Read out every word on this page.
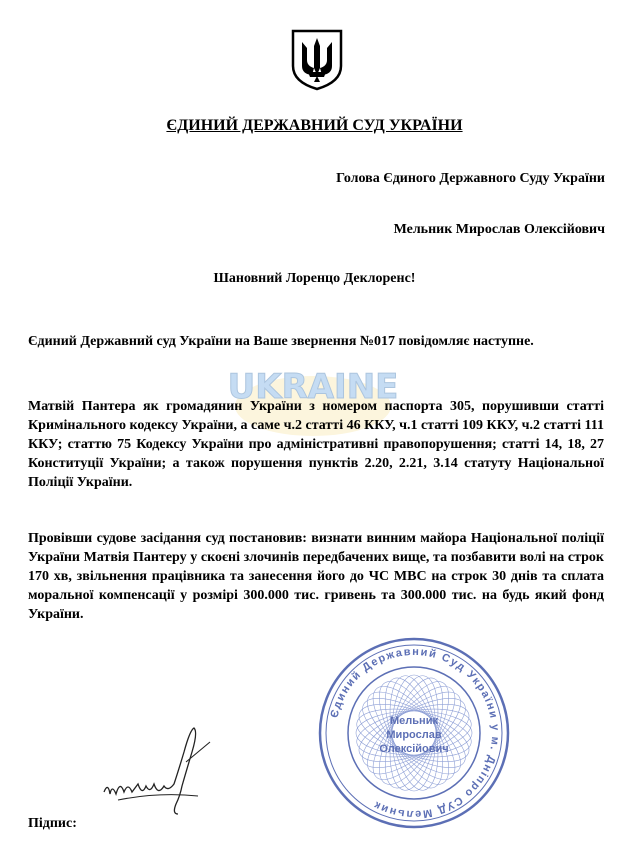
ЄДИНИЙ ДЕРЖАВНИЙ СУД УКРАЇНИ
Голова Єдиного Державного Суду України
Мельник Мирослав Олексійович
Шановний Лоренцо Деклоренс!
Єдиний Державний суд України на Ваше звернення №017 повідомляє наступне.
UKRAINE
Матвій Пантера як громадянин України з номером паспорта 305, порушивши статті Кримінального кодексу України, а саме ч.2 статті 46 ККУ, ч.1 статті 109 ККУ, ч.2 статті 111 ККУ; статтю 75 Кодексу України про адміністративні правопорушення; статті 14, 18, 27 Конституції України; а також порушення пунктів 2.20, 2.21, 3.14 статуту Національної Поліції України.
Провівши судове засідання суд постановив: визнати винним майора Національної поліції України Матвія Пантеру у скоєні злочинів передбачених вище, та позбавити волі на строк 170 хв, звільнення працівника та занесення його до ЧС МВС на строк 30 днів та сплата моральної компенсації у розмірі 300.000 тис. гривень та 300.000 тис. на будь який фонд України.
Єдиний Державний Суд України у м. Дніпро СУД Мельник
Мельник
Мирослав
Олексійович
Підпис:
